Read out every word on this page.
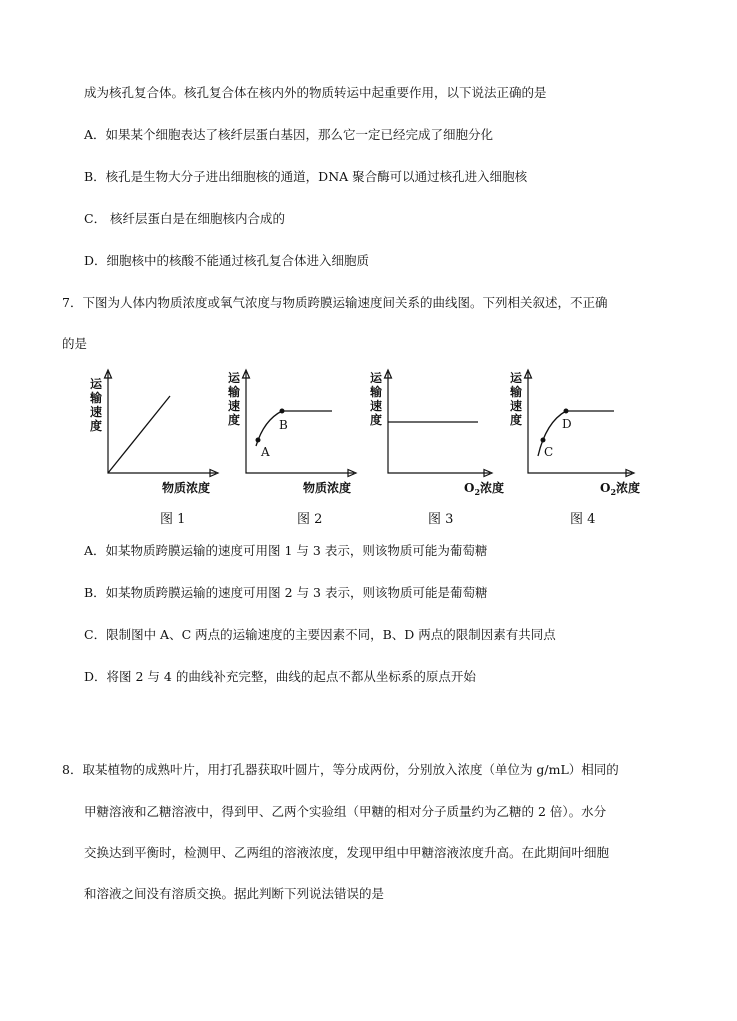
成为核孔复合体。核孔复合体在核内外的物质转运中起重要作用，以下说法正确的是
A．如果某个细胞表达了核纤层蛋白基因，那么它一定已经完成了细胞分化
B．核孔是生物大分子进出细胞核的通道，DNA 聚合酶可以通过核孔进入细胞核
C． 核纤层蛋白是在细胞核内合成的
D．细胞核中的核酸不能通过核孔复合体进入细胞质
7．下图为人体内物质浓度或氧气浓度与物质跨膜运输速度间关系的曲线图。下列相关叙述，不正确
的是
运
输
速
度
物质浓度
图 1
运
输
速
度
A
B
物质浓度
图 2
运
输
速
度
$O_2$浓度
图 3
运
输
速
度
C
D
$O_2$浓度
图 4
A．如某物质跨膜运输的速度可用图 1 与 3 表示，则该物质可能为葡萄糖
B．如某物质跨膜运输的速度可用图 2 与 3 表示，则该物质可能是葡萄糖
C．限制图中 A、C 两点的运输速度的主要因素不同，B、D 两点的限制因素有共同点
D．将图 2 与 4 的曲线补充完整，曲线的起点不都从坐标系的原点开始
8．取某植物的成熟叶片，用打孔器获取叶圆片，等分成两份，分别放入浓度（单位为 g/mL）相同的
甲糖溶液和乙糖溶液中，得到甲、乙两个实验组（甲糖的相对分子质量约为乙糖的 2 倍）。水分
交换达到平衡时，检测甲、乙两组的溶液浓度，发现甲组中甲糖溶液浓度升高。在此期间叶细胞
和溶液之间没有溶质交换。据此判断下列说法错误的是
